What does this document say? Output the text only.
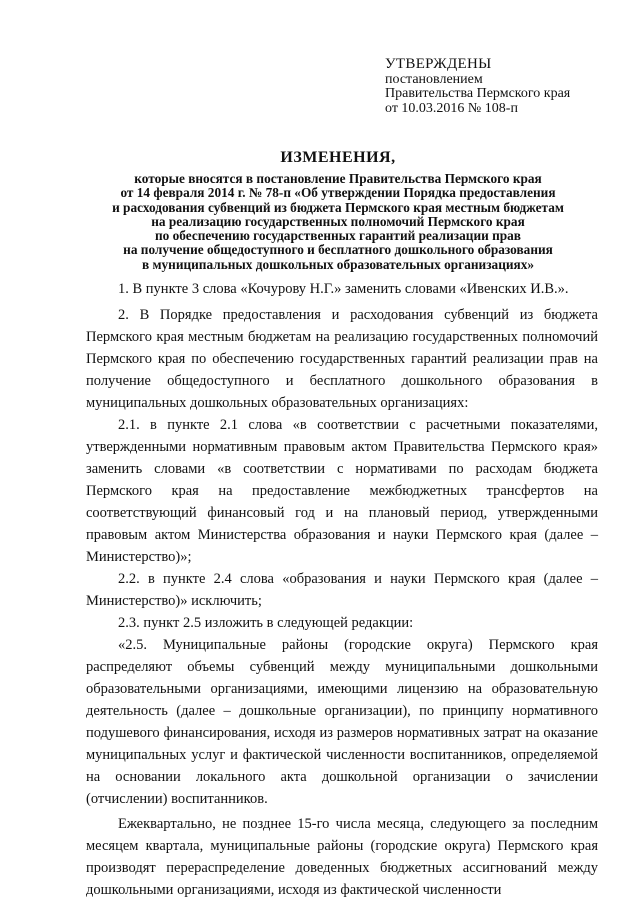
УТВЕРЖДЕНЫ
постановлением
Правительства Пермского края
от 10.03.2016 № 108-п
ИЗМЕНЕНИЯ,
которые вносятся в постановление Правительства Пермского края
от 14 февраля 2014 г. № 78-п «Об утверждении Порядка предоставления
и расходования субвенций из бюджета Пермского края местным бюджетам
на реализацию государственных полномочий Пермского края
по обеспечению государственных гарантий реализации прав
на получение общедоступного и бесплатного дошкольного образования
в муниципальных дошкольных образовательных организациях»

1. В пункте 3 слова «Кочурову Н.Г.» заменить словами «Ивенских И.В.».

2. В Порядке предоставления и расходования субвенций из бюджета Пермского края местным бюджетам на реализацию государственных полномочий Пермского края по обеспечению государственных гарантий реализации прав на получение общедоступного и бесплатного дошкольного образования в муниципальных дошкольных образовательных организациях:

2.1. в пункте 2.1 слова «в соответствии с расчетными показателями, утвержденными нормативным правовым актом Правительства Пермского края» заменить словами «в соответствии с нормативами по расходам бюджета Пермского края на предоставление межбюджетных трансфертов на соответствующий финансовый год и на плановый период, утвержденными правовым актом Министерства образования и науки Пермского края (далее – Министерство)»;

2.2. в пункте 2.4 слова «образования и науки Пермского края (далее – Министерство)» исключить;

2.3. пункт 2.5 изложить в следующей редакции:

«2.5. Муниципальные районы (городские округа) Пермского края распределяют объемы субвенций между муниципальными дошкольными образовательными организациями, имеющими лицензию на образовательную деятельность (далее – дошкольные организации), по принципу нормативного подушевого финансирования, исходя из размеров нормативных затрат на оказание муниципальных услуг и фактической численности воспитанников, определяемой на основании локального акта дошкольной организации о зачислении (отчислении) воспитанников.

Ежеквартально, не позднее 15-го числа месяца, следующего за последним месяцем квартала, муниципальные районы (городские округа) Пермского края производят перераспределение доведенных бюджетных ассигнований между дошкольными организациями, исходя из фактической численности
